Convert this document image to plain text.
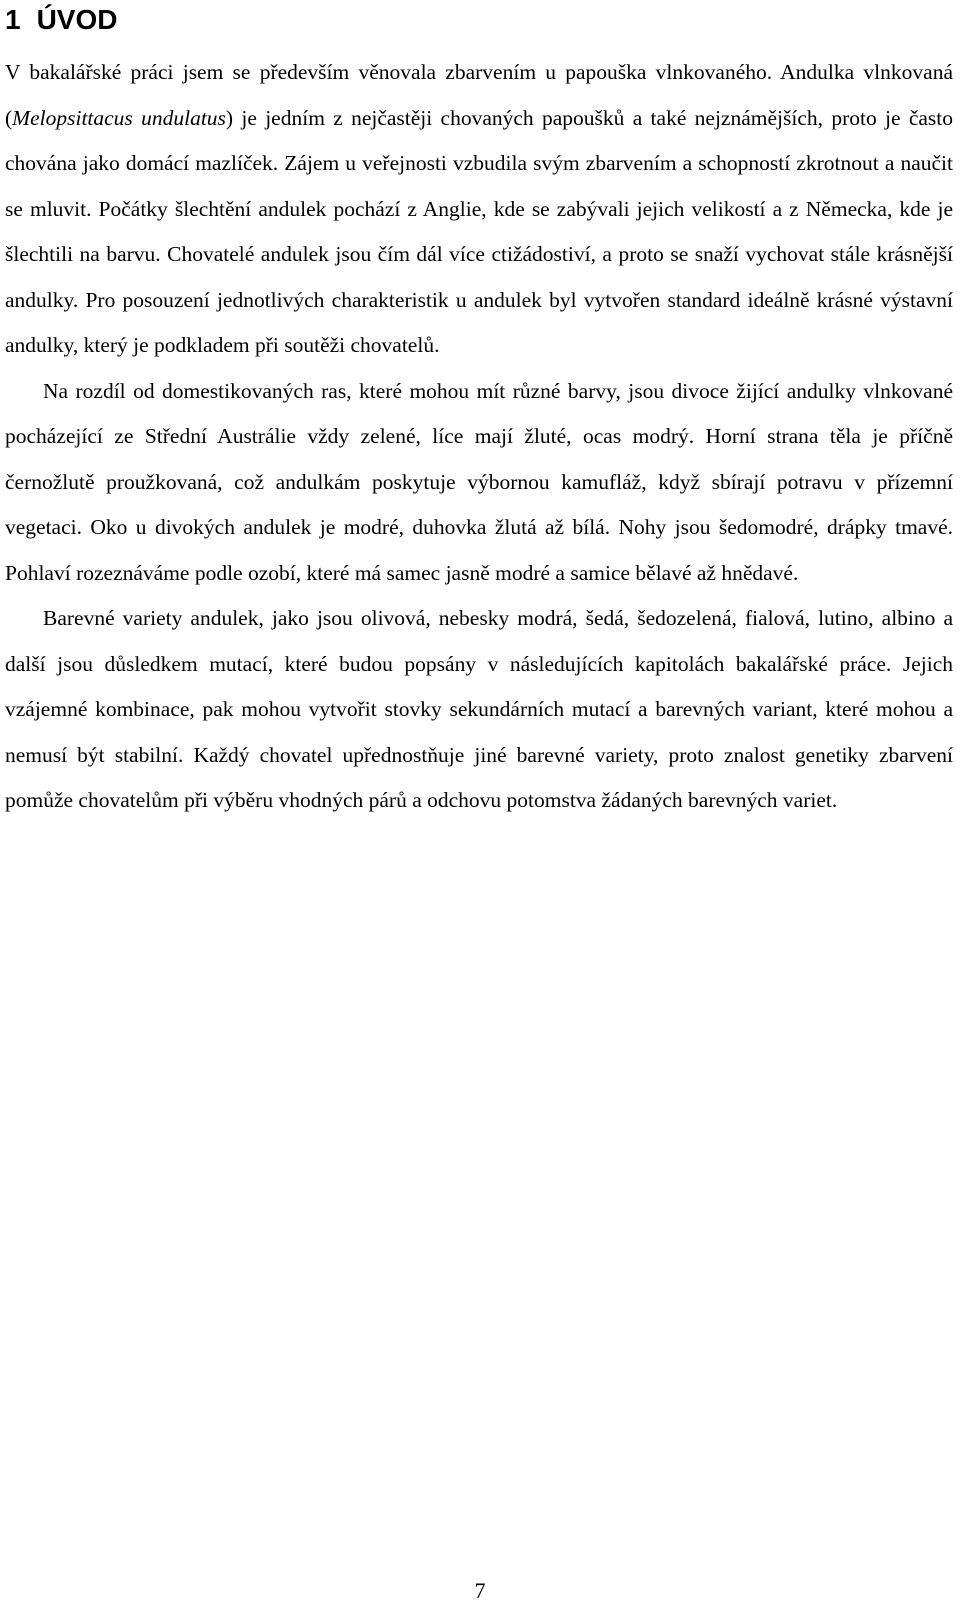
1 ÚVOD

V bakalářské práci jsem se především věnovala zbarvením u papouška vlnkovaného. Andulka vlnkovaná (Melopsittacus undulatus) je jedním z nejčastěji chovaných papoušků a také nejznámějších, proto je často chována jako domácí mazlíček. Zájem u veřejnosti vzbudila svým zbarvením a schopností zkrotnout a naučit se mluvit. Počátky šlechtění andulek pochází z Anglie, kde se zabývali jejich velikostí a z Německa, kde je šlechtili na barvu. Chovatelé andulek jsou čím dál více ctižádostiví, a proto se snaží vychovat stále krásnější andulky. Pro posouzení jednotlivých charakteristik u andulek byl vytvořen standard ideálně krásné výstavní andulky, který je podkladem při soutěži chovatelů.

Na rozdíl od domestikovaných ras, které mohou mít různé barvy, jsou divoce žijící andulky vlnkované pocházející ze Střední Austrálie vždy zelené, líce mají žluté, ocas modrý. Horní strana těla je příčně černožlutě proužkovaná, což andulkám poskytuje výbornou kamufláž, když sbírají potravu v přízemní vegetaci. Oko u divokých andulek je modré, duhovka žlutá až bílá. Nohy jsou šedomodré, drápky tmavé. Pohlaví rozeznáváme podle ozobí, které má samec jasně modré a samice bělavé až hnědavé.

Barevné variety andulek, jako jsou olivová, nebesky modrá, šedá, šedozelená, fialová, lutino, albino a další jsou důsledkem mutací, které budou popsány v následujících kapitolách bakalářské práce. Jejich vzájemné kombinace, pak mohou vytvořit stovky sekundárních mutací a barevných variant, které mohou a nemusí být stabilní. Každý chovatel upřednostňuje jiné barevné variety, proto znalost genetiky zbarvení pomůže chovatelům při výběru vhodných párů a odchovu potomstva žádaných barevných variet.

7
